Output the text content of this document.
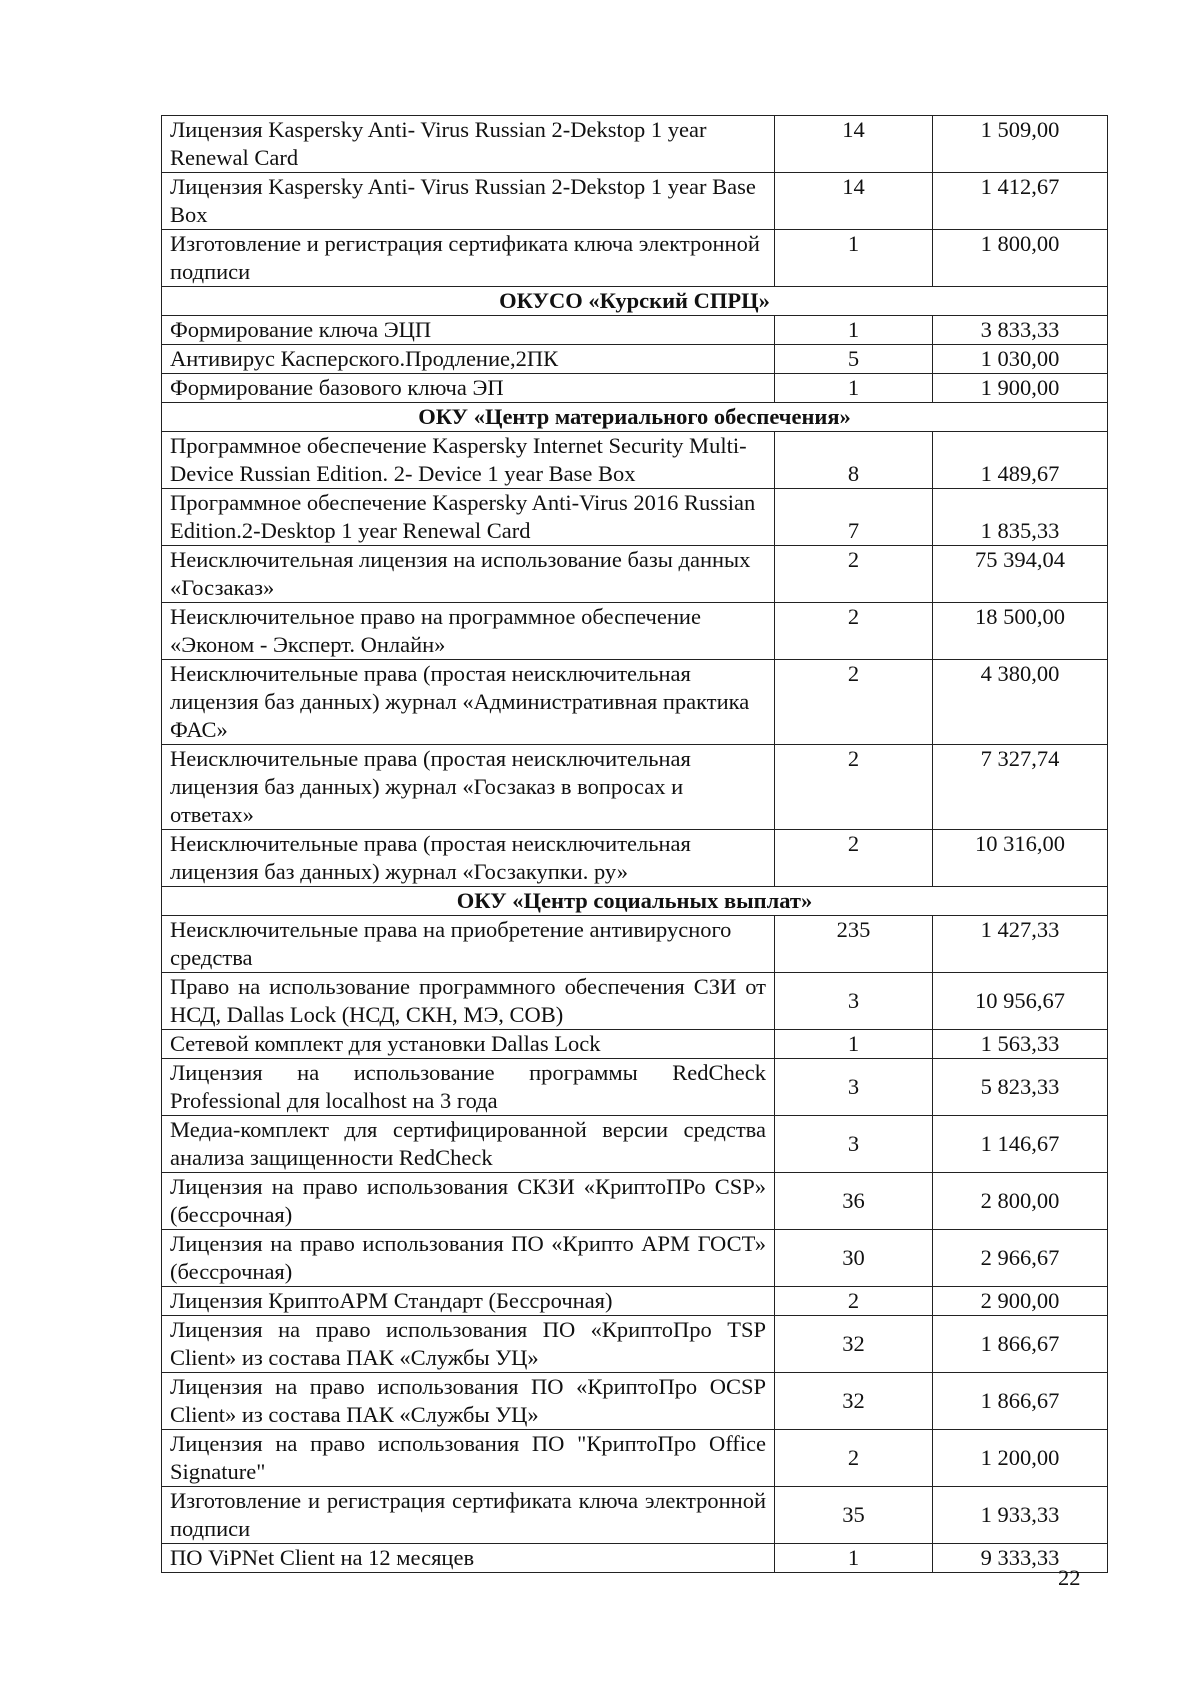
Лицензия Kaspersky Anti- Virus Russian 2-Dekstop 1 year Renewal Card	14	1 509,00
Лицензия Kaspersky Anti- Virus Russian 2-Dekstop 1 year Base Box	14	1 412,67
Изготовление и регистрация сертификата ключа электронной подписи	1	1 800,00
ОКУСО «Курский СПРЦ»		
Формирование ключа ЭЦП	1	3 833,33
Антивирус Касперского.Продление,2ПК	5	1 030,00
Формирование базового ключа ЭП	1	1 900,00
ОКУ «Центр материального обеспечения»		
Программное обеспечение Kaspersky Internet Security Multi- Device Russian Edition. 2- Device 1 year Base Box	8	1 489,67
Программное обеспечение Kaspersky Anti-Virus 2016 Russian Edition.2-Desktop 1 year Renewal Card	7	1 835,33
Неисключительная лицензия на использование базы данных «Госзаказ»	2	75 394,04
Неисключительное право на программное обеспечение «Эконом - Эксперт. Онлайн»	2	18 500,00
Неисключительные права (простая неисключительная лицензия баз данных) журнал «Административная практика ФАС»	2	4 380,00
Неисключительные права (простая неисключительная лицензия баз данных) журнал «Госзаказ в вопросах и ответах»	2	7 327,74
Неисключительные права (простая неисключительная лицензия баз данных) журнал «Госзакупки. ру»	2	10 316,00
ОКУ «Центр социальных выплат»		
Неисключительные права на приобретение антивирусного средства	235	1 427,33
Право на использование программного обеспечения СЗИ от НСД, Dallas Lock (НСД, СКН, МЭ, СОВ)	3	10 956,67
Сетевой комплект для установки Dallas Lock	1	1 563,33
Лицензия на использование программы RedCheck Professional для localhost на 3 года	3	5 823,33
Медиа-комплект для сертифицированной версии средства анализа защищенности RedCheck	3	1 146,67
Лицензия на право использования СКЗИ «КриптоПРо CSP» (бессрочная)	36	2 800,00
Лицензия на право использования ПО «Крипто АРМ ГОСТ» (бессрочная)	30	2 966,67
Лицензия КриптоАРМ Стандарт (Бессрочная)	2	2 900,00
Лицензия на право использования ПО «КриптоПро TSP Client» из состава ПАК «Службы УЦ»	32	1 866,67
Лицензия на право использования ПО «КриптоПро OCSP Client» из состава ПАК «Службы УЦ»	32	1 866,67
Лицензия на право использования ПО "КриптоПро Office Signature"	2	1 200,00
Изготовление и регистрация сертификата ключа электронной подписи	35	1 933,33
ПО ViPNet Client на 12 месяцев	1	9 333,33
22
